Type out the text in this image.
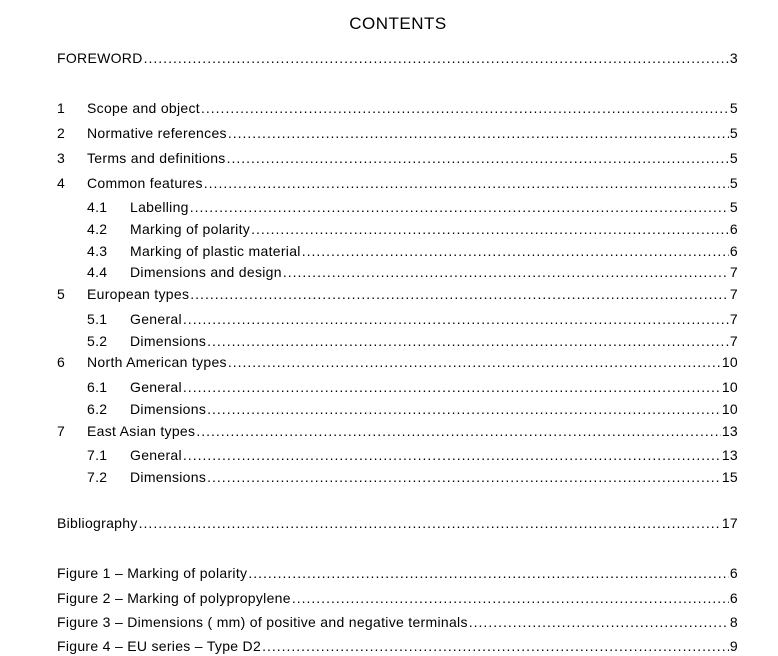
CONTENTS
FOREWORD .....	3
1	Scope and object .....	5
2	Normative references .....	5
3	Terms and definitions .....	5
4	Common features .....	5
4.1	Labelling .....	5
4.2	Marking of polarity .....	6
4.3	Marking of plastic material .....	6
4.4	Dimensions and design .....	7
5	European types .....	7
5.1	General .....	7
5.2	Dimensions .....	7
6	North American types .....	10
6.1	General .....	10
6.2	Dimensions .....	10
7	East Asian types .....	13
7.1	General .....	13
7.2	Dimensions .....	15
Bibliography .....	17
Figure 1 – Marking of polarity .....	6
Figure 2 – Marking of polypropylene .....	6
Figure 3 – Dimensions ( mm) of positive and negative terminals .....	8
Figure 4 – EU series – Type D2 .....	9
